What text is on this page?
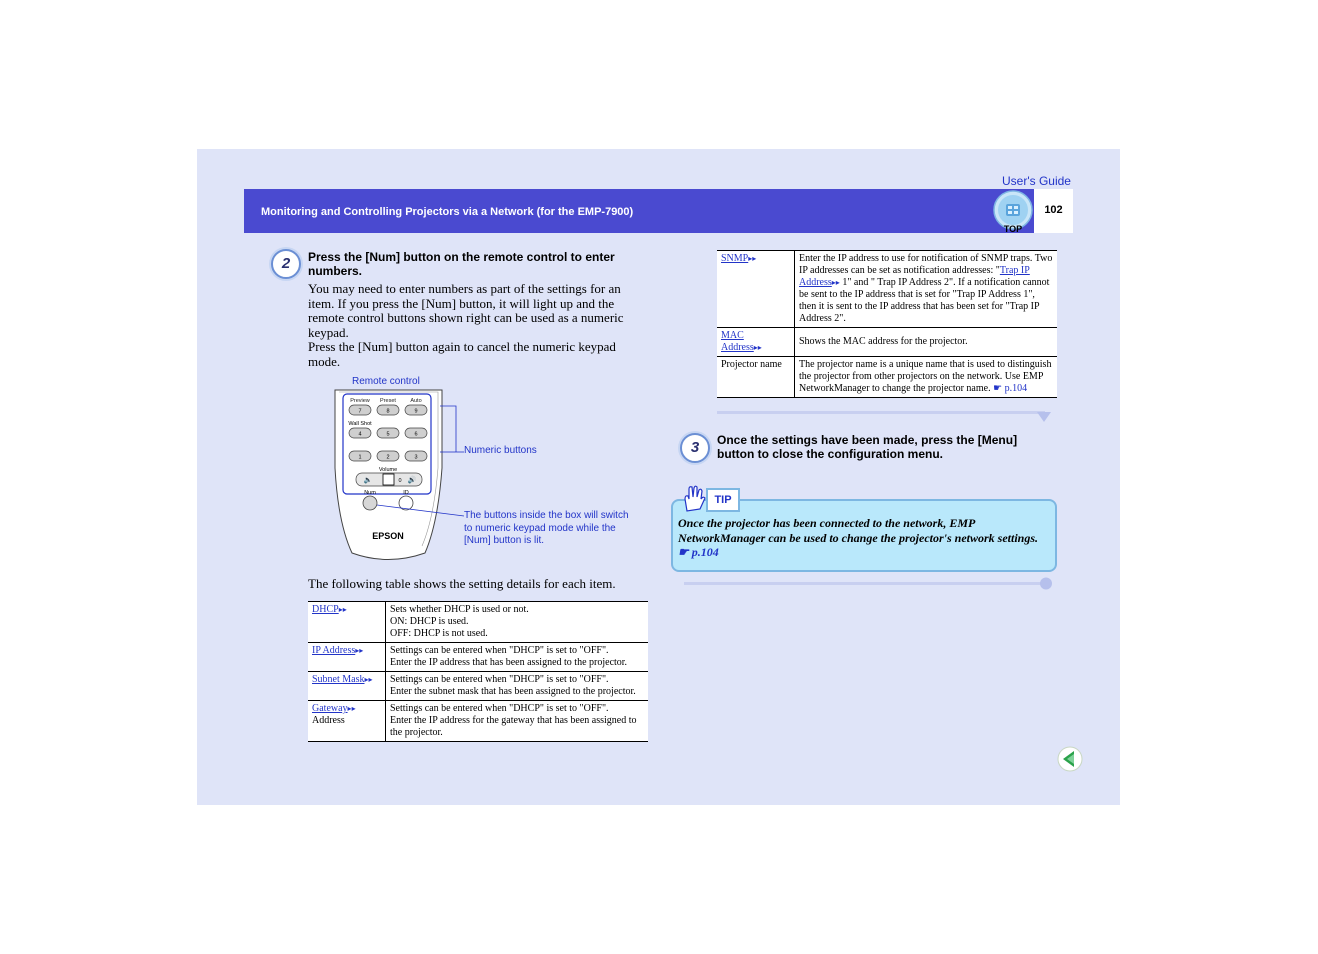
User's Guide
Monitoring and Controlling Projectors via a Network (for the EMP-7900)	102
TOP
2	Press the [Num] button on the remote control to enter numbers.
You may need to enter numbers as part of the settings for an item. If you press the [Num] button, it will light up and the remote control buttons shown right can be used as a numeric keypad.
Press the [Num] button again to cancel the numeric keypad mode.
Remote control
Numeric buttons
The buttons inside the box will switch to numeric keypad mode while the [Num] button is lit.
Preview Preset	Auto
7	8	9
Wall Shot
4	5	6
1	2	3
Volume
🔈	0 🔊
Num	ID
EPSON
The following table shows the setting details for each item.
DHCP▸▸	Sets whether DHCP is used or not.
ON: DHCP is used.
OFF: DHCP is not used.
IP Address▸▸	Settings can be entered when "DHCP" is set to "OFF".
Enter the IP address that has been assigned to the projector.
Subnet Mask▸▸	Settings can be entered when "DHCP" is set to "OFF".
Enter the subnet mask that has been assigned to the projector.
Gateway▸▸
Address	Settings can be entered when "DHCP" is set to "OFF".
Enter the IP address for the gateway that has been assigned to the projector.
SNMP▸▸	Enter the IP address to use for notification of SNMP traps. Two IP addresses can be set as notification addresses: "Trap IP Address▸▸ 1" and " Trap IP Address 2". If a notification cannot be sent to the IP address that is set for "Trap IP Address 1", then it is sent to the IP address that has been set for "Trap IP Address 2".
MAC
Address▸▸	Shows the MAC address for the projector.
Projector name	The projector name is a unique name that is used to distinguish the projector from other projectors on the network. Use EMP NetworkManager to change the projector name. ☛ p.104
3	Once the settings have been made, press the [Menu] button to close the configuration menu.
TIP
Once the projector has been connected to the network, EMP NetworkManager can be used to change the projector's network settings. ☛ p.104
